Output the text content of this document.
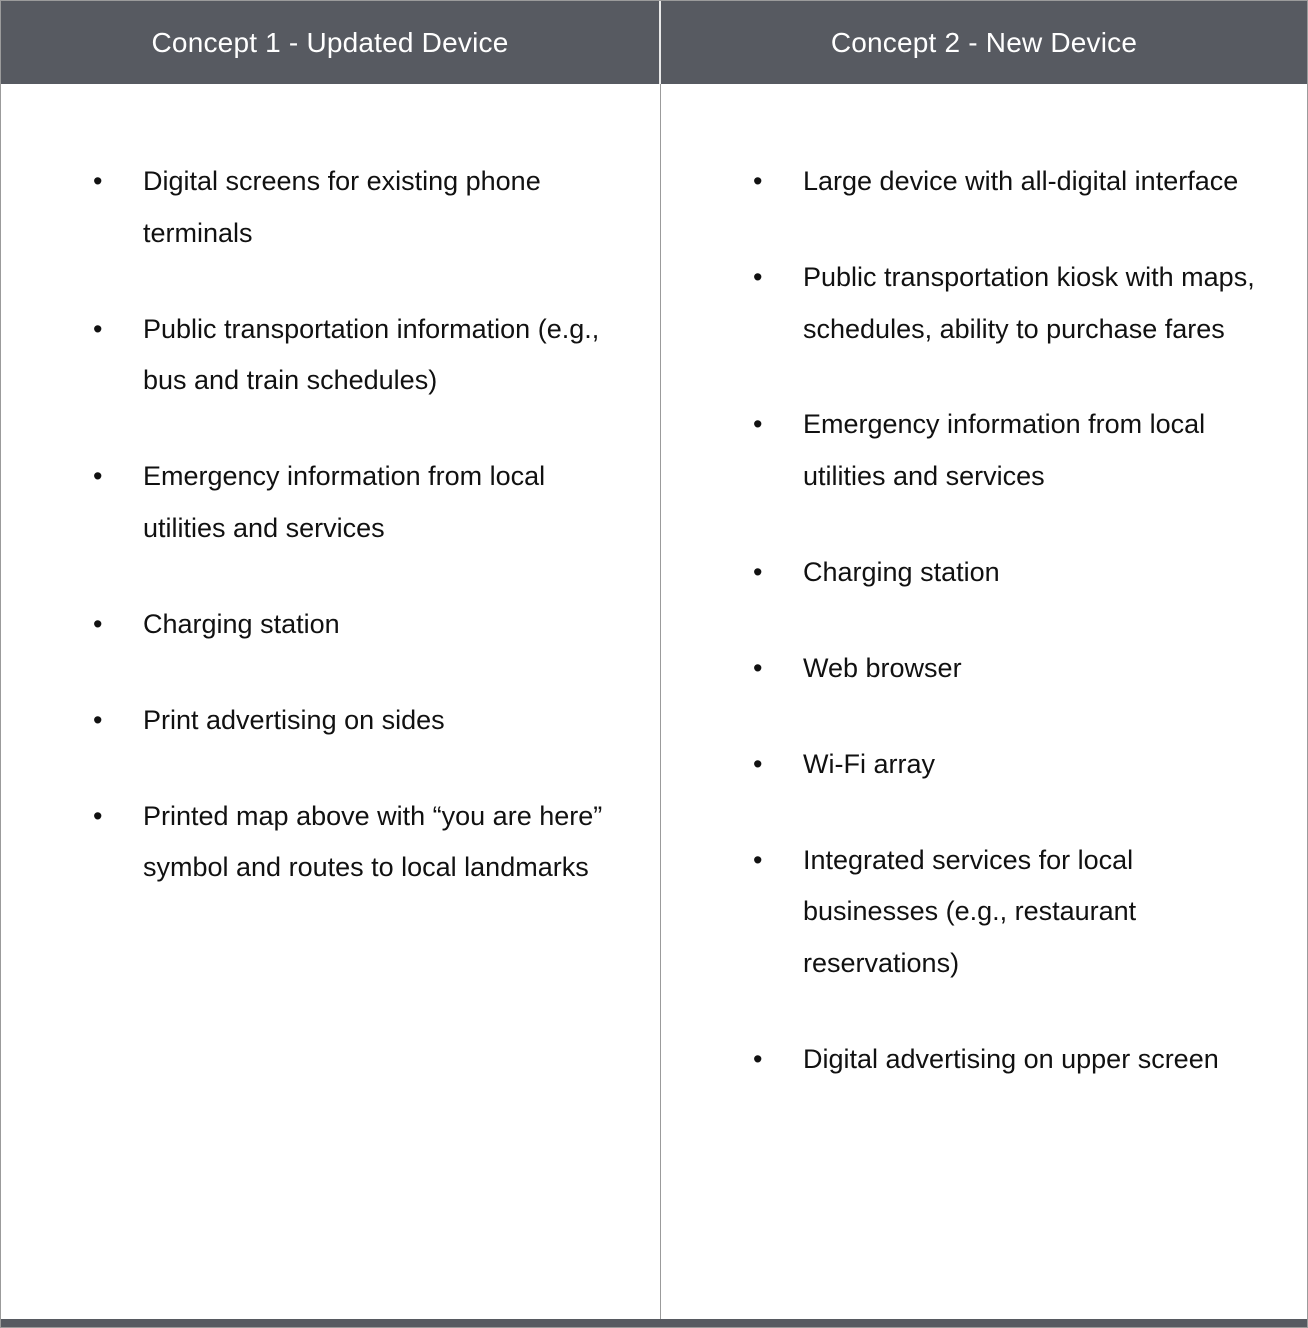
Concept 1 - Updated Device
•	Digital screens for existing phone terminals
•	Public transportation information (e.g., bus and train schedules)
•	Emergency information from local utilities and services
•	Charging station
•	Print advertising on sides
•	Printed map above with “you are here” symbol and routes to local landmarks
Concept 2 - New Device
•	Large device with all-digital interface
•	Public transportation kiosk with maps, schedules, ability to purchase fares
•	Emergency information from local utilities and services
•	Charging station
•	Web browser
•	Wi-Fi array
•	Integrated services for local businesses (e.g., restaurant reservations)
•	Digital advertising on upper screen
